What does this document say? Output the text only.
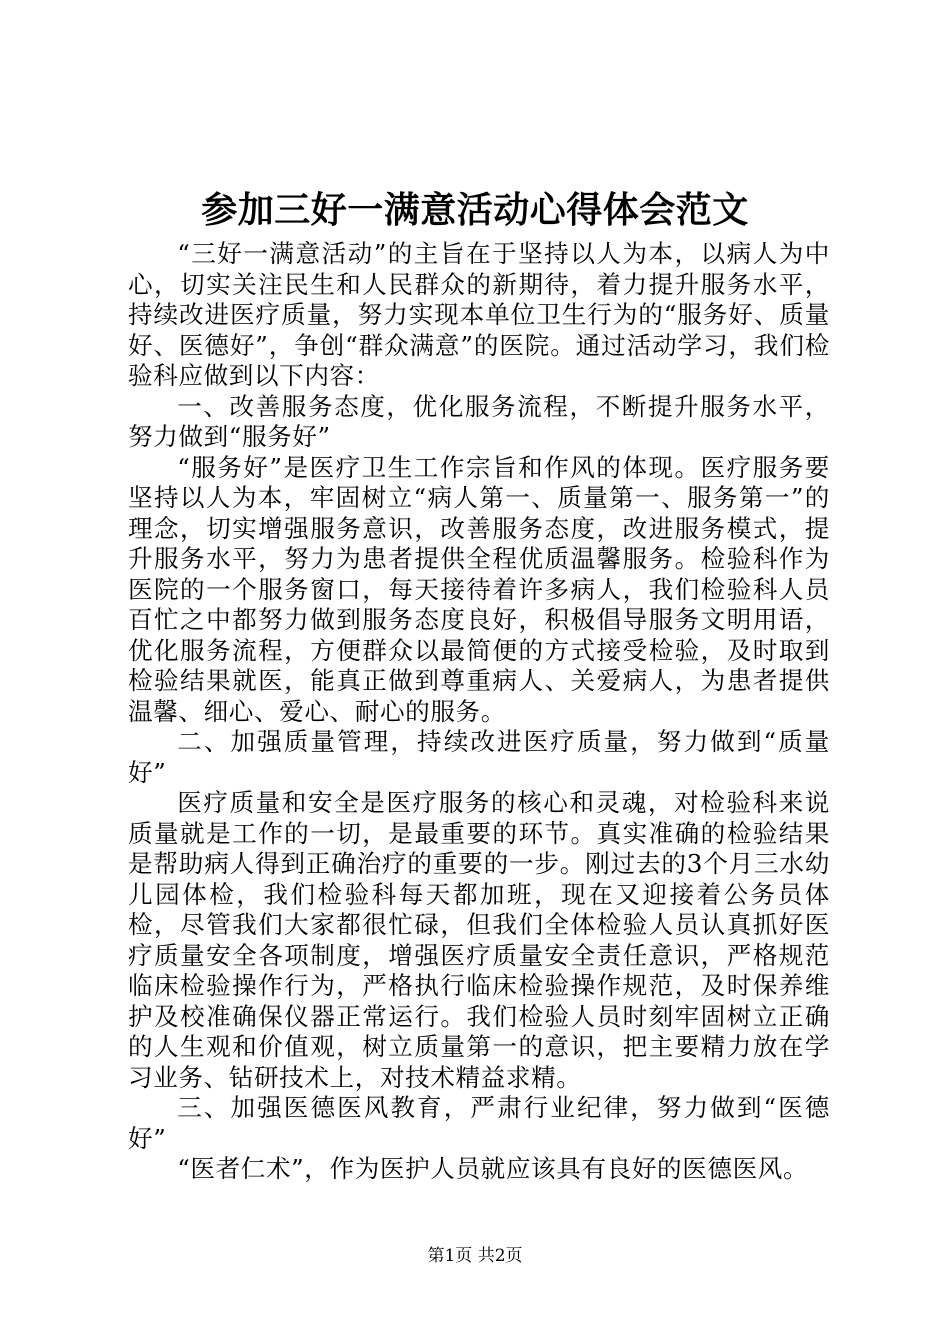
参加三好一满意活动心得体会范文

“三好一满意活动”的主旨在于坚持以人为本，以病人为中心，切实关注民生和人民群众的新期待，着力提升服务水平，持续改进医疗质量，努力实现本单位卫生行为的“服务好、质量好、医德好”，争创“群众满意”的医院。通过活动学习，我们检验科应做到以下内容：

一、改善服务态度，优化服务流程，不断提升服务水平，努力做到“服务好”

“服务好”是医疗卫生工作宗旨和作风的体现。医疗服务要坚持以人为本，牢固树立“病人第一、质量第一、服务第一”的理念，切实增强服务意识，改善服务态度，改进服务模式，提升服务水平，努力为患者提供全程优质温馨服务。检验科作为医院的一个服务窗口，每天接待着许多病人，我们检验科人员百忙之中都努力做到服务态度良好，积极倡导服务文明用语，优化服务流程，方便群众以最简便的方式接受检验，及时取到检验结果就医，能真正做到尊重病人、关爱病人，为患者提供温馨、细心、爱心、耐心的服务。

二、加强质量管理，持续改进医疗质量，努力做到“质量好”

医疗质量和安全是医疗服务的核心和灵魂，对检验科来说质量就是工作的一切，是最重要的环节。真实准确的检验结果是帮助病人得到正确治疗的重要的一步。刚过去的3个月三水幼儿园体检，我们检验科每天都加班，现在又迎接着公务员体检，尽管我们大家都很忙碌，但我们全体检验人员认真抓好医疗质量安全各项制度，增强医疗质量安全责任意识，严格规范临床检验操作行为，严格执行临床检验操作规范，及时保养维护及校准确保仪器正常运行。我们检验人员时刻牢固树立正确的人生观和价值观，树立质量第一的意识，把主要精力放在学习业务、钻研技术上，对技术精益求精。

三、加强医德医风教育，严肃行业纪律，努力做到“医德好”

“医者仁术”，作为医护人员就应该具有良好的医德医风。

第1页 共2页
